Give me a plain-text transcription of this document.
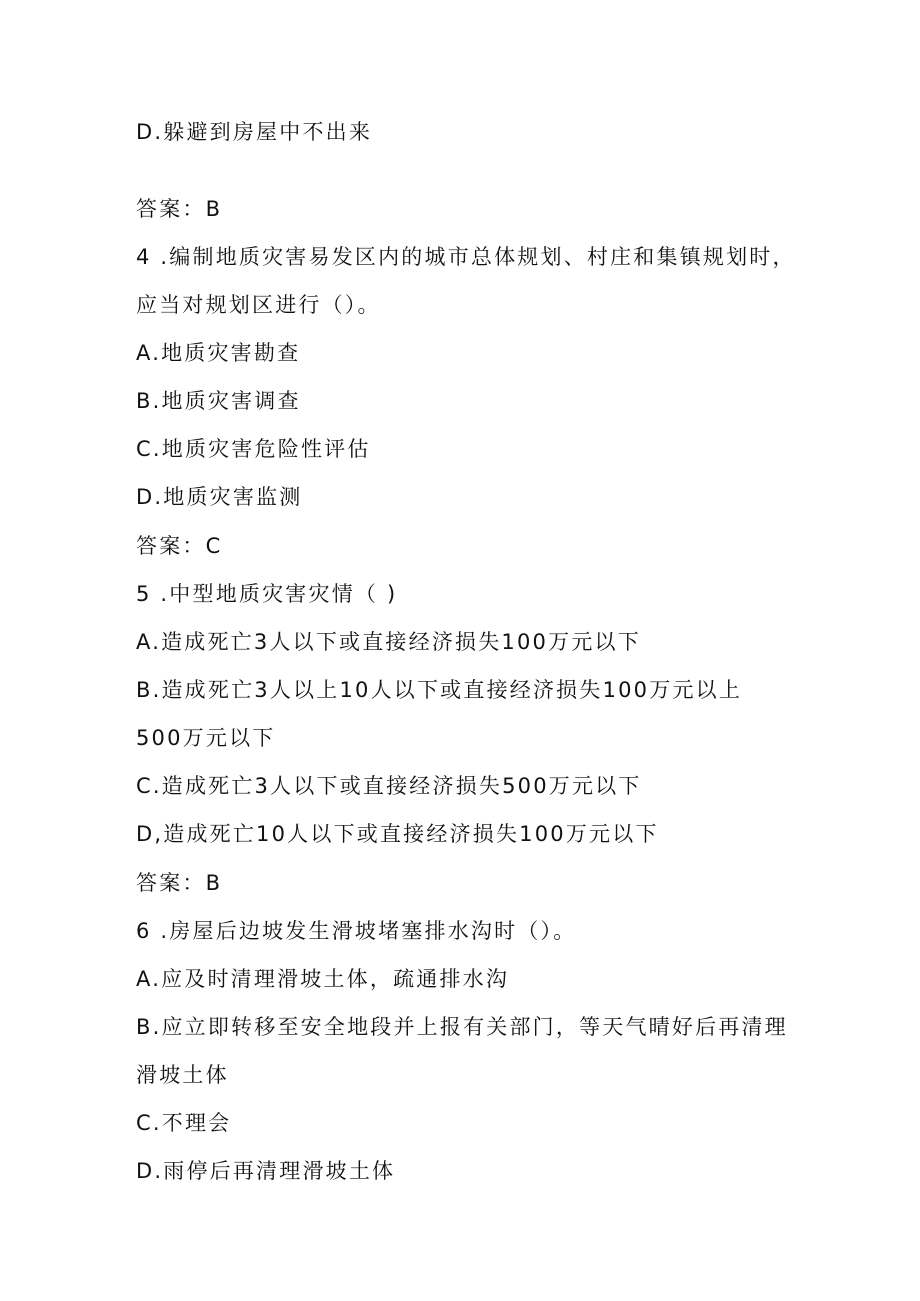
D.躲避到房屋中不出来
答案：B
4 .编制地质灾害易发区内的城市总体规划、村庄和集镇规划时，
应当对规划区进行（）。
A.地质灾害勘查
B.地质灾害调查
C.地质灾害危险性评估
D.地质灾害监测
答案：C
5 .中型地质灾害灾情（ )
A.造成死亡3人以下或直接经济损失100万元以下
B.造成死亡3人以上10人以下或直接经济损失100万元以上
500万元以下
C.造成死亡3人以下或直接经济损失500万元以下
D,造成死亡10人以下或直接经济损失100万元以下
答案：B
6 .房屋后边坡发生滑坡堵塞排水沟时（）。
A.应及时清理滑坡土体，疏通排水沟
B.应立即转移至安全地段并上报有关部门，等天气晴好后再清理
滑坡土体
C.不理会
D.雨停后再清理滑坡土体
